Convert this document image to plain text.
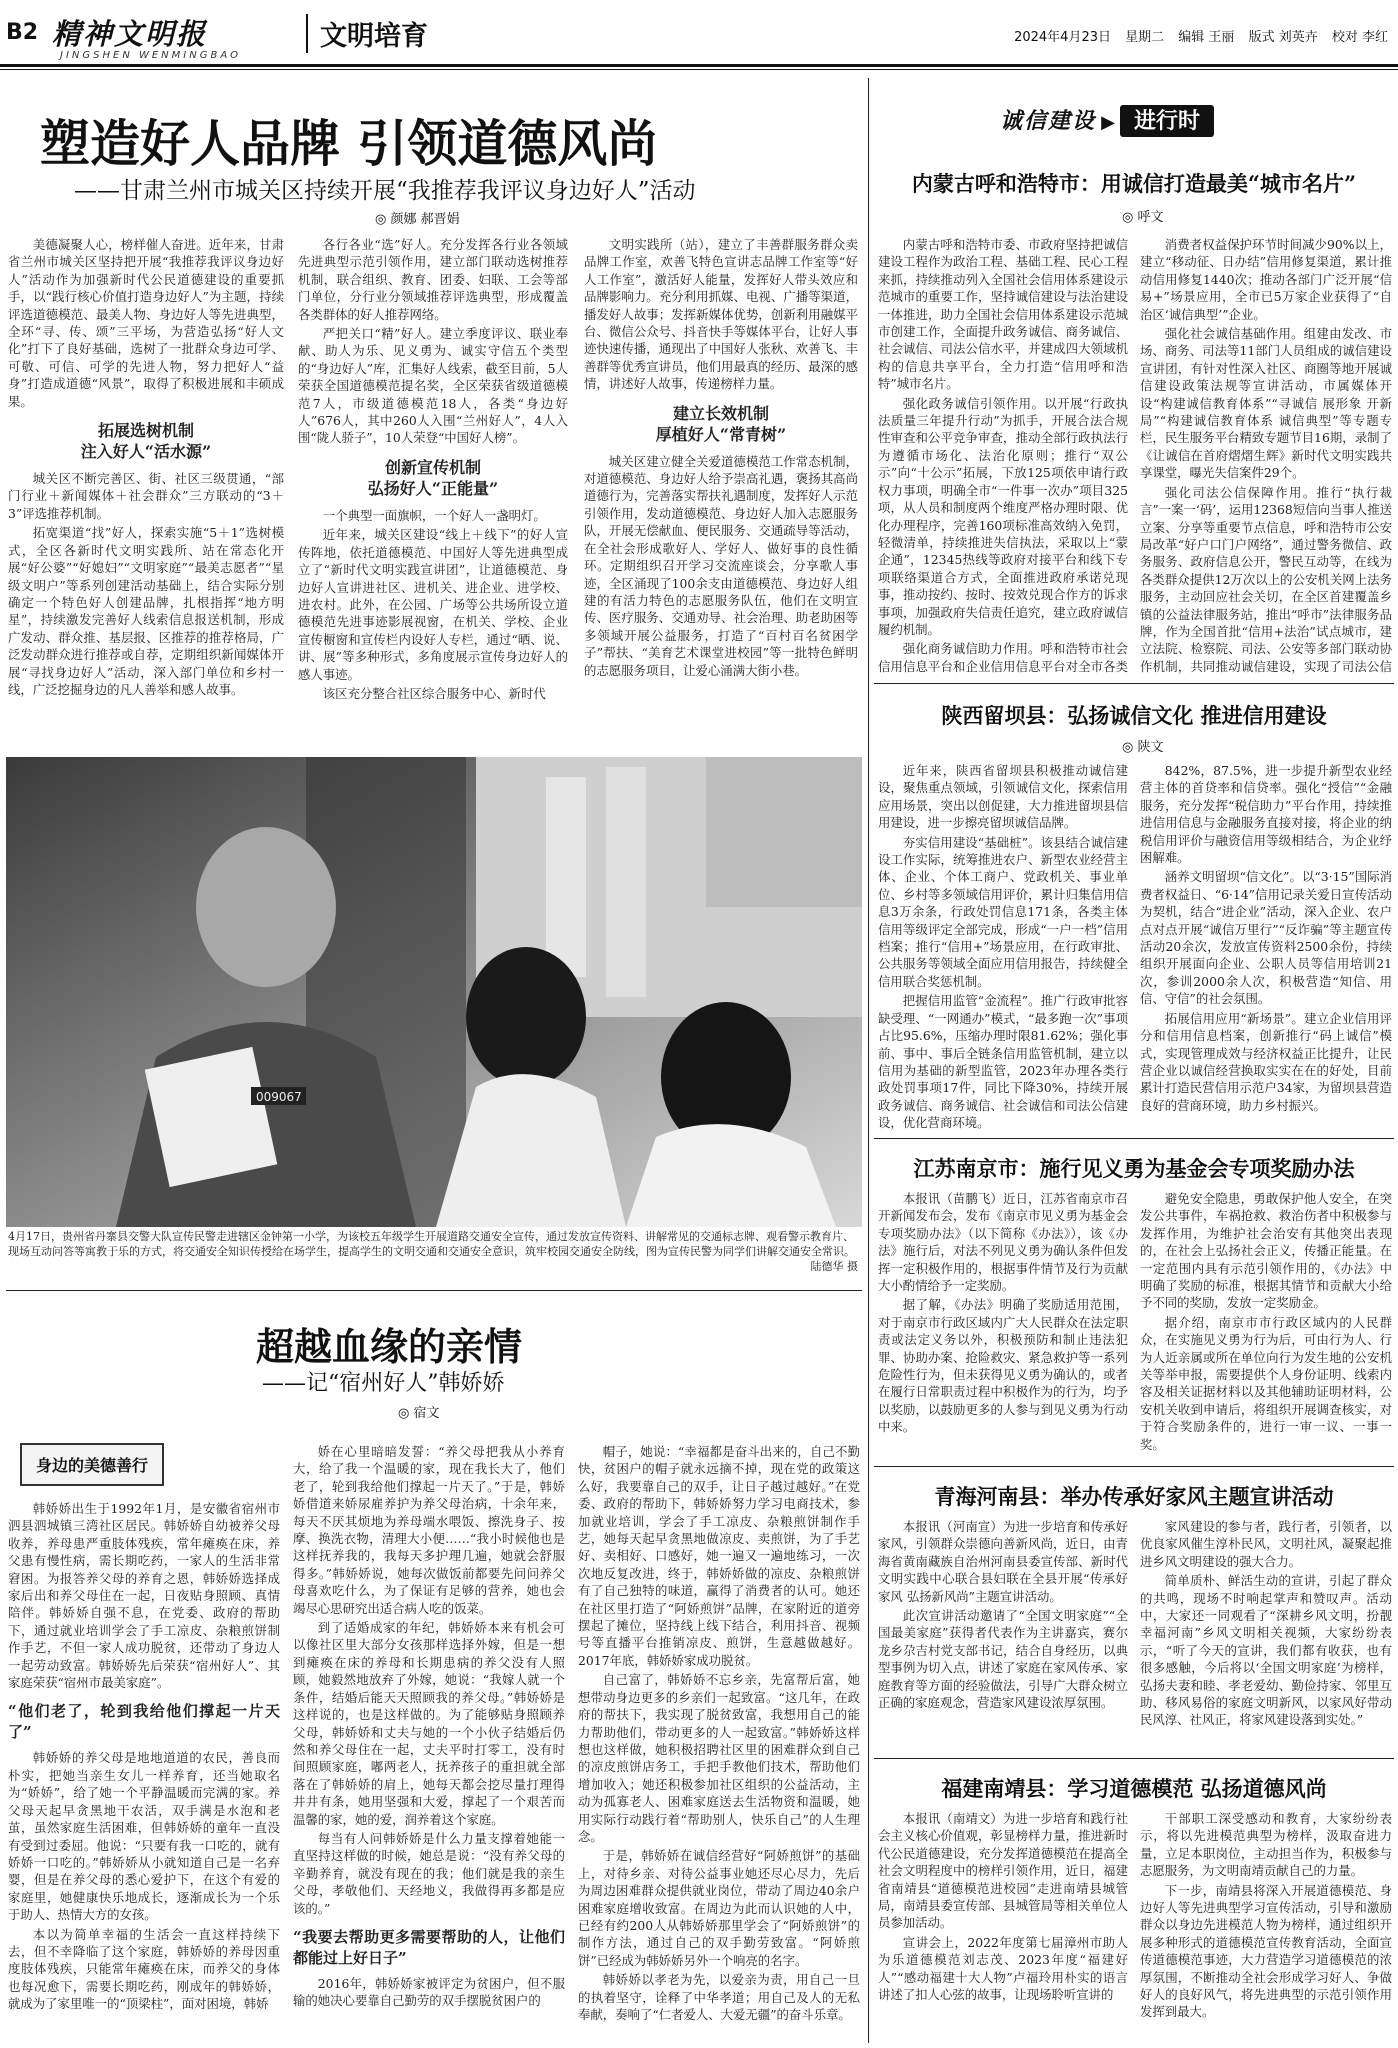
B2 精神文明报
JINGSHEN WENMINGBAO
文明培育	2024年4月23日 星期二 编辑 王丽 版式 刘英卉 校对 李红
塑造好人品牌 引领道德风尚
——甘肃兰州市城关区持续开展“我推荐我评议身边好人”活动
◎ 颜娜 郝晋娟

美德凝聚人心，榜样催人奋进。近年来，甘肃省兰州市城关区坚持把开展“我推荐我评议身边好人”活动作为加强新时代公民道德建设的重要抓手，以“践行核心价值打造身边好人”为主题，持续评选道德模范、最美人物、身边好人等先进典型，全环“寻、传、颂”三平场，为营造弘扬“好人文化”打下了良好基础，选树了一批群众身边可学、可敬、可信、可学的先进人物，努力把好人“益身”打造成道德“风景”，取得了积极进展和丰硕成果。

拓展选树机制
注入好人“活水源”

城关区不断完善区、街、社区三级贯通，“部门行业＋新闻媒体＋社会群众”三方联动的“3＋3”评选推荐机制。

拓宽渠道“找”好人，探索实施“5＋1”选树模式，全区各新时代文明实践所、站在常态化开展“好公婆”“好媳妇”“文明家庭”“最美志愿者”“星级文明户”等系列创建活动基础上，结合实际分别确定一个特色好人创建品牌，扎根指挥“地方明星”，持续激发完善好人线索信息报送机制，形成广发动、群众推、基层报、区推荐的推荐格局，广泛发动群众进行推荐或自荐，定期组织新闻媒体开展“寻找身边好人”活动，深入部门单位和乡村一线，广泛挖掘身边的凡人善举和感人故事。

各行各业“选”好人。充分发挥各行业各领域先进典型示范引领作用，建立部门联动选树推荐机制，联合组织、教育、团委、妇联、工会等部门单位，分行业分领域推荐评选典型，形成覆盖各类群体的好人推荐网络。

严把关口“精”好人。建立季度评议、联业奉献、助人为乐、见义勇为、诚实守信五个类型的“身边好人”库，汇集好人线索，截至目前，5人荣获全国道德模范提名奖，全区荣获省级道德模范7人，市级道德模范18人，各类“身边好人”676人，其中260人入围“兰州好人”，4人入围“陇人骄子”，10人荣登“中国好人榜”。

创新宣传机制
弘扬好人“正能量”

一个典型一面旗帜，一个好人一盏明灯。

近年来，城关区建设“线上＋线下”的好人宣传阵地，依托道德模范、中国好人等先进典型成立了“新时代文明实践宣讲团”，让道德模范、身边好人宣讲进社区、进机关、进企业、进学校、进农村。此外，在公园、广场等公共场所设立道德模范先进事迹影展视窗，在机关、学校、企业宣传橱窗和宣传栏内设好人专栏，通过“晒、说、讲、展”等多种形式，多角度展示宣传身边好人的感人事迹。

该区充分整合社区综合服务中心、新时代

文明实践所（站），建立了丰善群服务群众卖品牌工作室，欢善飞特色宣讲志品牌工作室等“好人工作室”，激活好人能量，发挥好人带头效应和品牌影响力。充分利用抓媒、电视、广播等渠道，播发好人故事；发挥新媒体优势，创新利用融媒平台、微信公众号、抖音快手等媒体平台，让好人事迹快速传播，通现出了中国好人张秋、欢善飞、丰善群等优秀宣讲员，他们用最真的经历、最深的感情，讲述好人故事，传递榜样力量。

建立长效机制
厚植好人“常青树”

城关区建立健全关爱道德模范工作常态机制，对道德模范、身边好人给予崇高礼遇，褒扬其高尚道德行为，完善落实帮扶礼遇制度，发挥好人示范引领作用，发动道德模范、身边好人加入志愿服务队，开展无偿献血、便民服务、交通疏导等活动，在全社会形成歌好人、学好人、做好事的良性循环。定期组织召开学习交流座谈会，分享歌人事迹，全区涌现了100余支由道德模范、身边好人组建的有活力特色的志愿服务队伍，他们在文明宣传、医疗服务、交通劝导、社会治理、助老助困等多领域开展公益服务，打造了“百村百名贫困学子”帮扶、“美育艺术课堂进校园”等一批特色鲜明的志愿服务项目，让爱心涌满大街小巷。

009067
4月17日，贵州省丹寨县交警大队宣传民警走进辖区金钟第一小学，为该校五年级学生开展道路交通安全宣传，通过发放宣传资料、讲解常见的交通标志牌、观看警示教育片、现场互动问答等寓教于乐的方式，将交通安全知识传授给在场学生，提高学生的文明交通和交通安全意识，筑牢校园交通安全防线，图为宣传民警为同学们讲解交通安全常识。
陆德华 摄
超越血缘的亲情
——记“宿州好人”韩娇娇
◎ 宿文
身边的美德善行

韩娇娇出生于1992年1月，是安徽省宿州市泗县泗城镇三湾社区居民。韩娇娇自幼被养父母收养，养母患严重肢体残疾，常年瘫痪在床，养父患有慢性病，需长期吃药，一家人的生活非常窘困。为报答养父母的养育之恩，韩娇娇选择成家后出和养父母住在一起，日夜贴身照顾、真情陪伴。韩娇娇自强不息，在党委、政府的帮助下，通过就业培训学会了手工凉皮、杂粮煎饼制作手艺，不但一家人成功脱贫，还带动了身边人一起劳动致富。韩娇娇先后荣获“宿州好人”、其家庭荣获“宿州市最美家庭”。

“他们老了，轮到我给他们撑起一片天了”

韩娇娇的养父母是地地道道的农民，善良而朴实，把她当亲生女儿一样养育，还当她取名为“娇娇”，给了她一个平静温暖而完满的家。养父母天起早贪黑地干农活，双手满是水泡和老茧，虽然家庭生活困难，但韩娇娇的童年一直没有受到过委屈。他说：“只要有我一口吃的，就有娇娇一口吃的。”韩娇娇从小就知道自己是一名弃婴，但是在养父母的悉心爱护下，在这个有爱的家庭里，她健康快乐地成长，逐渐成长为一个乐于助人、热情大方的女孩。

本以为简单幸福的生活会一直这样持续下去，但不幸降临了这个家庭，韩娇娇的养母因重度肢体残疾，只能常年瘫痪在床，而养父的身体也每况愈下，需要长期吃药，刚成年的韩娇娇，就成为了家里唯一的“顶梁柱”，面对困境，韩娇

娇在心里暗暗发誓：“养父母把我从小养育大，给了我一个温暖的家，现在我长大了，他们老了，轮到我给他们撑起一片天了。”于是，韩娇娇借道来娇尿雇养护为养父母治病，十余年来，每天不厌其烦地为养母端水喂饭、擦洗身子、按摩、换洗衣物，清理大小便……“我小时候他也是这样抚养我的，我每天多护理几遍，她就会舒服得多。”韩娇娇说，她每次做饭前都要先问问养父母喜欢吃什么，为了保证有足够的营养，她也会竭尽心思研究出适合病人吃的饭菜。

到了适婚成家的年纪，韩娇娇本来有机会可以像社区里大部分女孩那样选择外嫁，但是一想到瘫痪在床的养母和长期患病的养父没有人照顾，她毅然地放弃了外嫁，她说：“我嫁人就一个条件，结婚后能天天照顾我的养父母。”韩娇娇是这样说的，也是这样做的。为了能够贴身照顾养父母，韩娇娇和丈夫与她的一个小伙子结婚后仍然和养父母住在一起，丈夫平时打零工，没有时间照顾家庭，嘟两老人，抚养孩子的重担就全部落在了韩娇娇的肩上，她每天都会挖尽量打理得井井有条，她用坚强和大爱，撑起了一个艰苦而温馨的家，她的爱，润养着这个家庭。

每当有人问韩娇娇是什么力量支撑着她能一直坚持这样做的时候，她总是说：“没有养父母的辛勤养育，就没有现在的我；他们就是我的亲生父母，孝敬他们、天经地义，我做得再多都是应该的。”

“我要去帮助更多需要帮助的人，让他们都能过上好日子”

2016年，韩娇娇家被评定为贫困户，但不服输的她决心要靠自己勤劳的双手摆脱贫困户的

帽子，她说：“幸福都是奋斗出来的，自己不勤快，贫困户的帽子就永远摘不掉，现在党的政策这么好，我要靠自己的双手，让日子越过越好。”在党委、政府的帮助下，韩娇娇努力学习电商技术，参加就业培训，学会了手工凉皮、杂粮煎饼制作手艺，她每天起早贪黑地做凉皮、卖煎饼，为了手艺好、卖相好、口感好，她一遍又一遍地练习，一次次地反复改进，终于，韩娇娇做的凉皮、杂粮煎饼有了自己独特的味道，赢得了消费者的认可。她还在社区里打造了“阿娇煎饼”品牌，在家附近的道旁摆起了摊位，坚持线上线下结合，利用抖音、视频号等直播平台推销凉皮、煎饼，生意越做越好。2017年底，韩娇娇家成功脱贫。

自己富了，韩娇娇不忘乡亲，先富帮后富，她想带动身边更多的乡亲们一起致富。“这几年，在政府的帮扶下，我实现了脱贫致富，我想用自己的能力帮助他们，带动更多的人一起致富。”韩娇娇这样想也这样做，她积极招聘社区里的困难群众到自己的凉皮煎饼店务工，手把手教他们技术，帮助他们增加收入；她还积极参加社区组织的公益活动，主动为孤寡老人、困难家庭送去生活物资和温暖，她用实际行动践行着“帮助别人，快乐自己”的人生理念。

于是，韩娇娇在诚信经营好“阿娇煎饼”的基础上，对待乡亲、对待公益事业她还尽心尽力，先后为周边困难群众提供就业岗位，带动了周边40余户困难家庭增收致富。在周边为此而认识她的人中，已经有约200人从韩娇娇那里学会了“阿娇煎饼”的制作方法，通过自己的双手勤劳致富。“阿娇煎饼”已经成为韩娇娇另外一个响亮的名字。

韩娇娇以孝老为先，以爱亲为责，用自己一旦的执着坚守，诠释了中华孝道；用自己及人的无私奉献，奏响了“仁者爱人、大爱无疆”的奋斗乐章。

诚信建设 ▶ 进行时
内蒙古呼和浩特市：用诚信打造最美“城市名片”
◎ 呼文

内蒙古呼和浩特市委、市政府坚持把诚信建设工程作为政治工程、基础工程、民心工程来抓，持续推动列入全国社会信用体系建设示范城市的重要工作，坚持诚信建设与法治建设一体推进，助力全国社会信用体系建设示范城市创建工作，全面提升政务诚信、商务诚信、社会诚信、司法公信水平，并建成四大领域机构的信息共享平台，全力打造“信用呼和浩特”城市名片。

强化政务诚信引领作用。以开展“行政执法质量三年提升行动”为抓手，开展合法合规性审查和公平竞争审查，推动全部行政执法行为遵循市场化、法治化原则；推行“双公示”向“十公示”拓展，下放125项依申请行政权力事项，明确全市“一件事一次办”项目325项，从人员和制度两个维度严格办理时限、优化办理程序，完善160项标准高效纳入免罚，轻微清单，持续推进失信执法，采取以上“蒙企通”，12345热线等政府对接平台和线下专项联络渠道合方式，全面推进政府承诺兑现事，推动按约、按时、按效兑现合作方的诉求事项，加强政府失信责任追究，建立政府诚信履约机制。

强化商务诚信助力作用。呼和浩特市社会信用信息平台和企业信用信息平台对全市各类

消费者权益保护环节时间减少90%以上，建立“移动征、日办结”信用修复渠道，累计推动信用修复1440次；推动各部门广泛开展“信易+”场景应用，全市已5万家企业获得了“自治区‘诚信典型’”企业。

强化社会诚信基础作用。组建由发改、市场、商务、司法等11部门人员组成的诚信建设宣讲团，有针对性深入社区、商圈等地开展诚信建设政策法规等宣讲活动，市属媒体开设“构建诚信教育体系”“寻诚信 展形象 开新局”“构建诚信教育体系 诚信典型”等专题专栏，民生服务平台精致专题节目16期，录制了《让诚信在首府熠熠生辉》新时代文明实践共享课堂，曝光失信案件29个。

强化司法公信保障作用。推行“执行裁言”一案一‘码’，运用12368短信向当事人推送立案、分享等重要节点信息，呼和浩特市公安局改革“好户口门户网络”，通过警务微信、政务服务、政府信息公开，警民互动等，在线为各类群众提供12万次以上的公安机关网上法务服务，主动回应社会关切，在全区首建覆盖乡镇的公益法律服务站，推出“呼市”法律服务品牌，作为全国首批“信用+法治”试点城市，建立法院、检察院、司法、公安等多部门联动协作机制，共同推动诚信建设，实现了司法公信

陕西留坝县：弘扬诚信文化 推进信用建设
◎ 陕文

近年来，陕西省留坝县积极推动诚信建设，聚焦重点领域，引领诚信文化，探索信用应用场景，突出以创促建，大力推进留坝县信用建设，进一步擦亮留坝诚信品牌。

夯实信用建设“基础桩”。该县结合诚信建设工作实际，统筹推进农户、新型农业经营主体、企业、个体工商户、党政机关、事业单位、乡村等多领域信用评价，累计归集信用信息3万余条，行政处罚信息171条，各类主体信用等级评定全部完成，形成“一户一档”信用档案；推行“信用+”场景应用，在行政审批、公共服务等领域全面应用信用报告，持续健全信用联合奖惩机制。

把握信用监管“金流程”。推广行政审批容缺受理、“一网通办”模式，“最多跑一次”事项占比95.6%，压缩办理时限81.62%；强化事前、事中、事后全链条信用监管机制，建立以信用为基础的新型监管，2023年办理各类行政处罚事项17件，同比下降30%，持续开展政务诚信、商务诚信、社会诚信和司法公信建设，优化营商环境。

842%，87.5%，进一步提升新型农业经营主体的首贷率和信贷率。强化“授信”“金融服务，充分发挥“税信助力”平台作用，持续推进信用信息与金融服务直接对接，将企业的纳税信用评价与融资信用等级相结合，为企业纾困解难。

涵养文明留坝“信文化”。以“3·15”国际消费者权益日、“6·14”信用记录关爱日宣传活动为契机，结合“进企业”活动，深入企业、农户点对点开展“诚信万里行”“反诈骗”等主题宣传活动20余次，发放宣传资料2500余份，持续组织开展面向企业、公职人员等信用培训21次，参训2000余人次，积极营造“知信、用信、守信”的社会氛围。

拓展信用应用“新场景”。建立企业信用评分和信用信息档案，创新推行“码上诚信”模式，实现管理成效与经济权益正比提升，让民营企业以诚信经营换取实实在在的好处，目前累计打造民营信用示范户34家，为留坝县营造良好的营商环境，助力乡村振兴。

江苏南京市：施行见义勇为基金会专项奖励办法

本报讯（苗鹏飞）近日，江苏省南京市召开新闻发布会，发布《南京市见义勇为基金会专项奖励办法》（以下简称《办法》），该《办法》施行后，对法不列见义勇为确认条件但发挥一定积极作用的，根据事件情节及行为贡献大小酌情给予一定奖励。

据了解，《办法》明确了奖励适用范围，对于南京市行政区域内广大人民群众在法定职责或法定义务以外，积极预防和制止违法犯罪、协助办案、抢险救灾、紧急救护等一系列危险性行为，但未获得见义勇为确认的，或者在履行日常职责过程中积极作为的行为，均予以奖励，以鼓励更多的人参与到见义勇为行动中来。

避免安全隐患，勇敢保护他人安全，在突发公共事件，车祸抢救、救治伤者中积极参与发挥作用，为维护社会治安有其他突出表现的，在社会上弘扬社会正义，传播正能量。在一定范围内具有示范引领作用的，《办法》中明确了奖励的标准，根据其情节和贡献大小给予不同的奖励，发放一定奖励金。

据介绍，南京市市行政区域内的人民群众，在实施见义勇为行为后，可由行为人、行为人近亲属或所在单位向行为发生地的公安机关等举申报，需要提供个人身份证明、线索内容及相关证据材料以及其他辅助证明材料，公安机关收到申请后，将组织开展调查核实，对于符合奖励条件的，进行一审一议、一事一奖。

青海河南县：举办传承好家风主题宣讲活动

本报讯（河南宣）为进一步培育和传承好家风，引领群众崇德向善新风尚，近日，由青海省黄南藏族自治州河南县委宣传部、新时代文明实践中心联合县妇联在全县开展“传承好家风 弘扬新风尚”主题宣讲活动。

此次宣讲活动邀请了“全国文明家庭”“全国最美家庭”获得者代表作为主讲嘉宾，赛尔龙乡尕吉村党支部书记，结合自身经历，以典型事例为切入点，讲述了家庭在家风传承、家庭教育等方面的经验做法，引导广大群众树立正确的家庭观念，营造家风建设浓厚氛围。

家风建设的参与者，践行者，引领者，以优良家风催生淳朴民风，文明社风，凝聚起推进乡风文明建设的强大合力。

简单质朴、鲜活生动的宣讲，引起了群众的共鸣，现场不时响起掌声和赞叹声。活动中，大家还一同观看了“深耕乡风文明，扮靓幸福河南”乡风文明相关视频，大家纷纷表示，“听了今天的宣讲，我们都有收获，也有很多感触，今后将以‘全国文明家庭’为榜样，弘扬夫妻和睦、孝老爱幼、勤俭持家、邻里互助、移风易俗的家庭文明新风，以家风好带动民风淳、社风正，将家风建设落到实处。”

福建南靖县：学习道德模范 弘扬道德风尚

本报讯（南靖文）为进一步培育和践行社会主义核心价值观，彰显榜样力量，推进新时代公民道德建设，充分发挥道德模范在提高全社会文明程度中的榜样引领作用，近日，福建省南靖县“道德模范进校园”走进南靖县城管局，南靖县委宣传部、县城管局等相关单位人员参加活动。

宣讲会上，2022年度第七届漳州市助人为乐道德模范刘志茂、2023年度“福建好人”“感动福建十大人物”卢福玲用朴实的语言讲述了扣人心弦的故事，让现场聆听宣讲的

干部职工深受感动和教育，大家纷纷表示，将以先进模范典型为榜样，汲取奋进力量，立足本职岗位，主动担当作为，积极参与志愿服务，为文明南靖贡献自己的力量。

下一步，南靖县将深入开展道德模范、身边好人等先进典型学习宣传活动，引导和激励群众以身边先进模范人物为榜样，通过组织开展多种形式的道德模范宣传教育活动，全面宣传道德模范事迹，大力营造学习道德模范的浓厚氛围，不断推动全社会形成学习好人、争做好人的良好风气，将先进典型的示范引领作用发挥到最大。
